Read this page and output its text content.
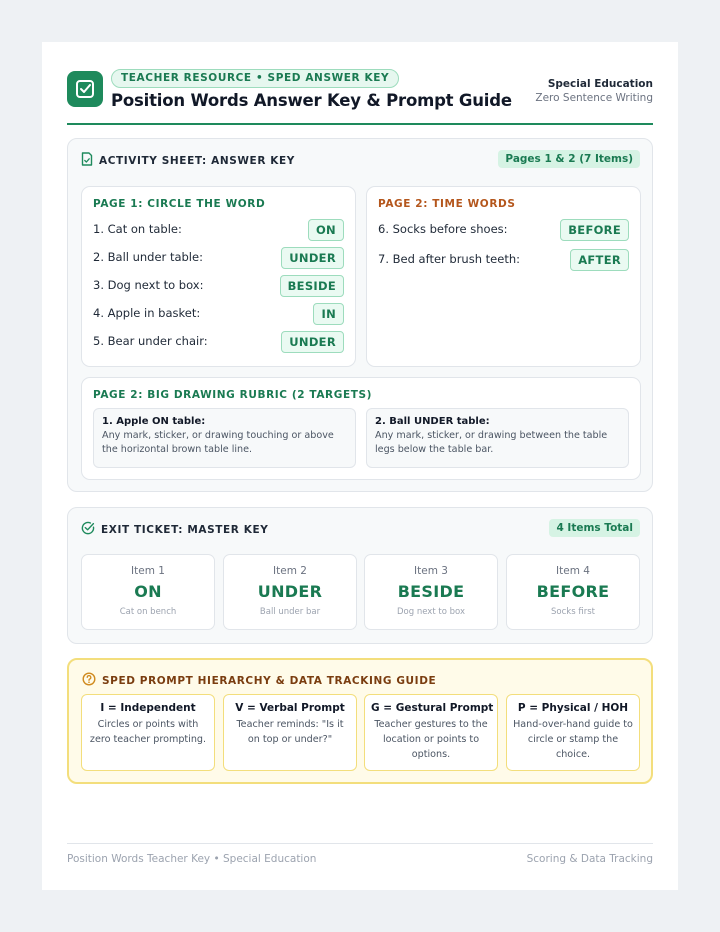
TEACHER RESOURCE • SPED ANSWER KEY
Position Words Answer Key & Prompt Guide
Special Education
Zero Sentence Writing
ACTIVITY SHEET: ANSWER KEY	Pages 1 & 2 (7 Items)
PAGE 1: CIRCLE THE WORD
1. Cat on table:	ON
2. Ball under table:	UNDER
3. Dog next to box:	BESIDE
4. Apple in basket:	IN
5. Bear under chair:	UNDER
PAGE 2: TIME WORDS
6. Socks before shoes:	BEFORE
7. Bed after brush teeth:	AFTER
PAGE 2: BIG DRAWING RUBRIC (2 TARGETS)
1. Apple ON table:
Any mark, sticker, or drawing touching or above the horizontal brown table line.
2. Ball UNDER table:
Any mark, sticker, or drawing between the table legs below the table bar.
EXIT TICKET: MASTER KEY	4 Items Total
Item 1
ON
Cat on bench
Item 2
UNDER
Ball under bar
Item 3
BESIDE
Dog next to box
Item 4
BEFORE
Socks first
SPED PROMPT HIERARCHY & DATA TRACKING GUIDE
I = Independent
Circles or points with zero teacher prompting.
V = Verbal Prompt
Teacher reminds: "Is it on top or under?"
G = Gestural Prompt
Teacher gestures to the location or points to options.
P = Physical / HOH
Hand-over-hand guide to circle or stamp the choice.
Position Words Teacher Key • Special Education	Scoring & Data Tracking
